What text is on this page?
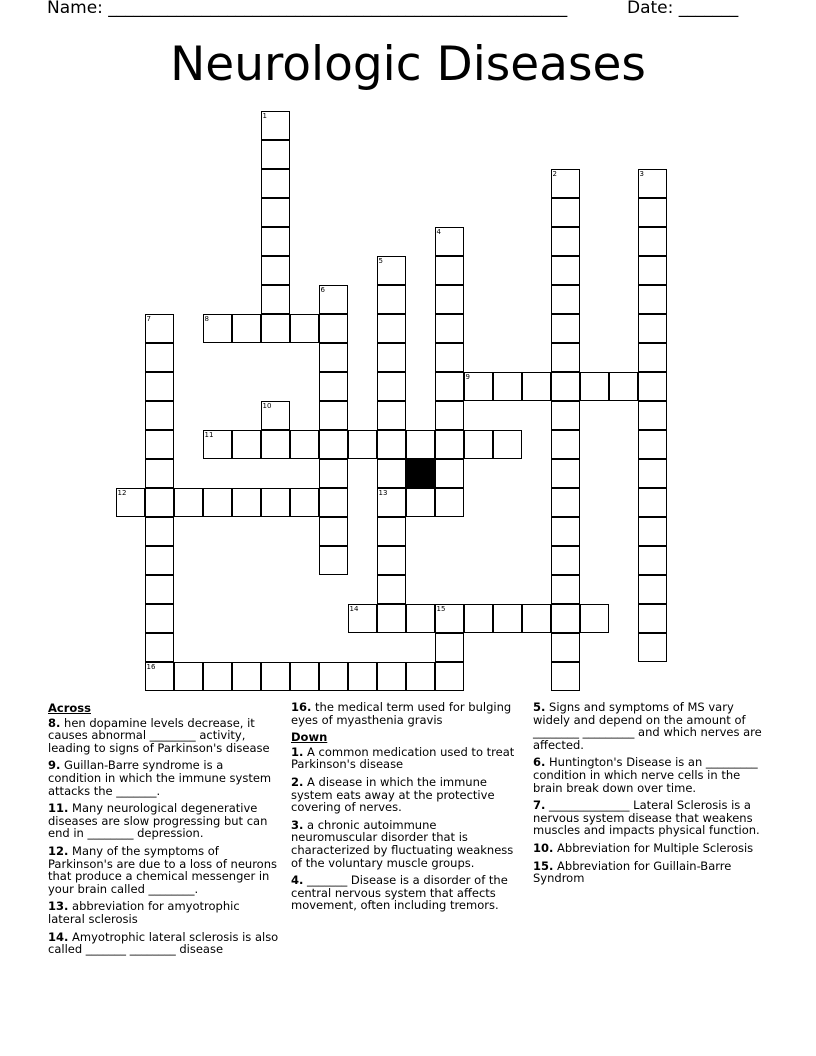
Name: ______________________________________________________	Date: _______
Neurologic Diseases
1
2	3
4
5
13
6
7	8
9
10
11
12
14	15
16
Across
8. hen dopamine levels decrease, it causes abnormal ________ activity, leading to signs of Parkinson's disease
9. Guillan-Barre syndrome is a condition in which the immune system attacks the _______.
11. Many neurological degenerative diseases are slow progressing but can end in ________ depression.
12. Many of the symptoms of Parkinson's are due to a loss of neurons that produce a chemical messenger in your brain called ________.
13. abbreviation for amyotrophic lateral sclerosis
14. Amyotrophic lateral sclerosis is also called _______ ________ disease
16. the medical term used for bulging eyes of myasthenia gravis
Down
1. A common medication used to treat Parkinson's disease
2. A disease in which the immune system eats away at the protective covering of nerves.
3. a chronic autoimmune neuromuscular disorder that is characterized by fluctuating weakness of the voluntary muscle groups.
4. _______ Disease is a disorder of the central nervous system that affects movement, often including tremors.
5. Signs and symptoms of MS vary widely and depend on the amount of ________ _________ and which nerves are affected.
6. Huntington's Disease is an _________ condition in which nerve cells in the brain break down over time.
7. ______________ Lateral Sclerosis is a nervous system disease that weakens muscles and impacts physical function.
10. Abbreviation for Multiple Sclerosis
15. Abbreviation for Guillain-Barre Syndrom
